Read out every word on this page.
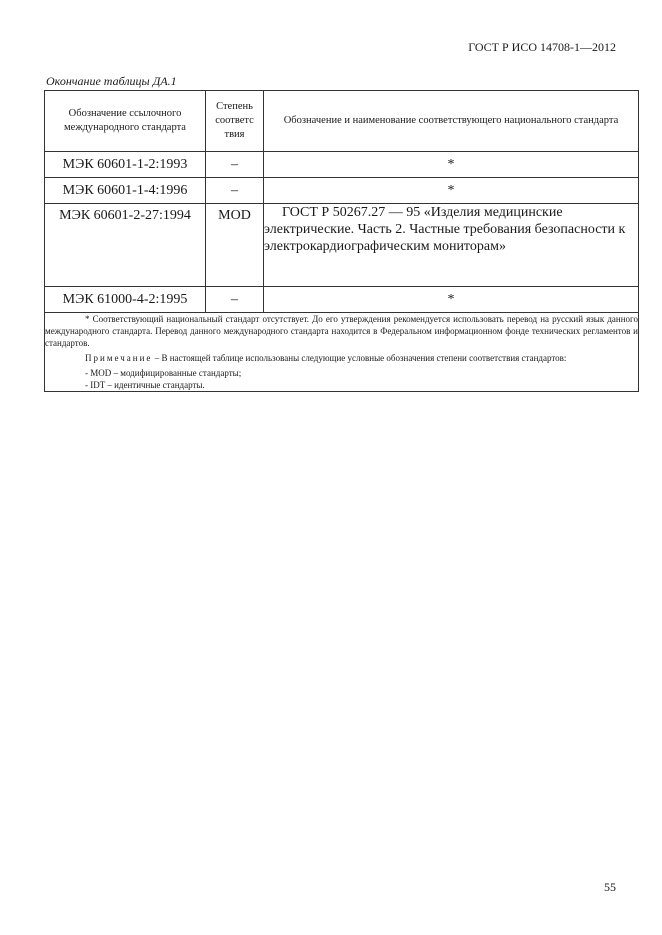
ГОСТ Р ИСО 14708-1—2012
Окончание таблицы ДА.1
Обозначение ссылочного международного стандарта	Степень соответс твия	Обозначение и наименование соответствующего национального стандарта
МЭК 60601-1-2:1993	–	*
МЭК 60601-1-4:1996	–	*
МЭК 60601-2-27:1994	MOD	ГОСТ Р 50267.27 — 95 «Изделия медицинские электрические. Часть 2. Частные требования безопасности к электрокардиографическим мониторам»

МЭК 61000-4-2:1995	–	*

* Соответствующий национальный стандарт отсутствует. До его утверждения рекомендуется использовать перевод на русский язык данного международного стандарта. Перевод данного международного стандарта находится в Федеральном информационном фонде технических регламентов и стандартов.

Примечание – В настоящей таблице использованы следующие условные обозначения степени соответствия стандартов:

- MOD – модифицированные стандарты;

- IDT – идентичные стандарты.		

55
